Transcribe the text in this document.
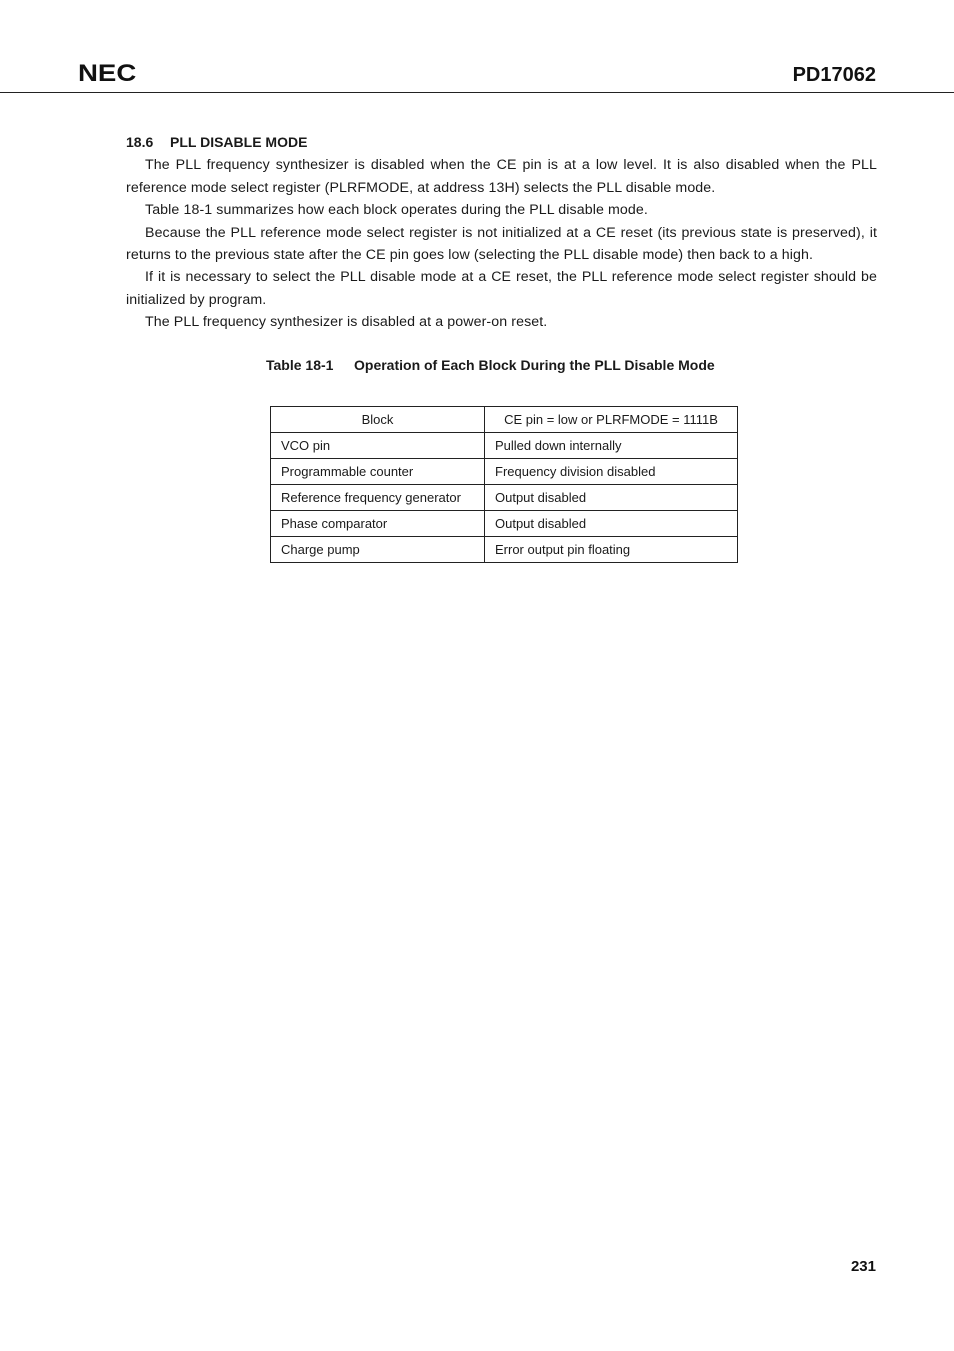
NEC	PD17062
18.6 PLL DISABLE MODE

The PLL frequency synthesizer is disabled when the CE pin is at a low level. It is also disabled when the PLL reference mode select register (PLRFMODE, at address 13H) selects the PLL disable mode.

Table 18-1 summarizes how each block operates during the PLL disable mode.

Because the PLL reference mode select register is not initialized at a CE reset (its previous state is preserved), it returns to the previous state after the CE pin goes low (selecting the PLL disable mode) then back to a high.

If it is necessary to select the PLL disable mode at a CE reset, the PLL reference mode select register should be initialized by program.

The PLL frequency synthesizer is disabled at a power-on reset.

Table 18-1 Operation of Each Block During the PLL Disable Mode
Block	CE pin = low or PLRFMODE = 1111B
VCO pin	Pulled down internally
Programmable counter	Frequency division disabled
Reference frequency generator	Output disabled
Phase comparator	Output disabled
Charge pump	Error output pin floating
231
